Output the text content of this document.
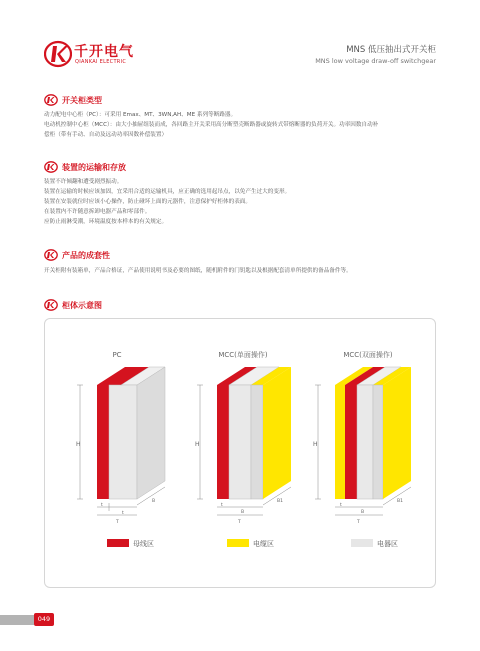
千开电气
QIANKAI ELECTRIC
MNS 低压抽出式开关柜
MNS low voltage draw-off switchgear
开关柜类型
动力配电中心柜（PC）：可采用 Emax、MT、3WN,AH、ME 系列等断路器。
电动机控制中心柜（MCC）：由大小抽屉组装而成，各回路主开关采用高分断塑壳断路器或旋转式带熔断器的负荷开关。功率因数自动补
偿柜（带有手动、自动及远动功率因数补偿装置）
装置的运输和存放
装置不许倾翻和遭受剧烈振动。
装置在运输的时候应该加固，宜采用合适的运输机具，应正确的选用起吊点，以免产生过大的变形。
装置在安装就位时应该小心操作，防止碰坏上面的元器件，注意保护好柜体的表面。
在装置内不许随意拆卸电器产品和零部件。
应防止雨淋受潮，环境温度按本样本的有关规定。
产品的成套性
开关柜附有装箱单，产品合格证，产品使用说明书及必要的图纸，随机附件的门钥匙以及根据配套清单所提供的备品备件等。
柜体示意图
PC	MCC(单面操作)	MCC(双面操作)
H
t
t
B
T
H
t
B
B1
T
H
t
B
B1
T
母线区	电缆区	电器区
049
